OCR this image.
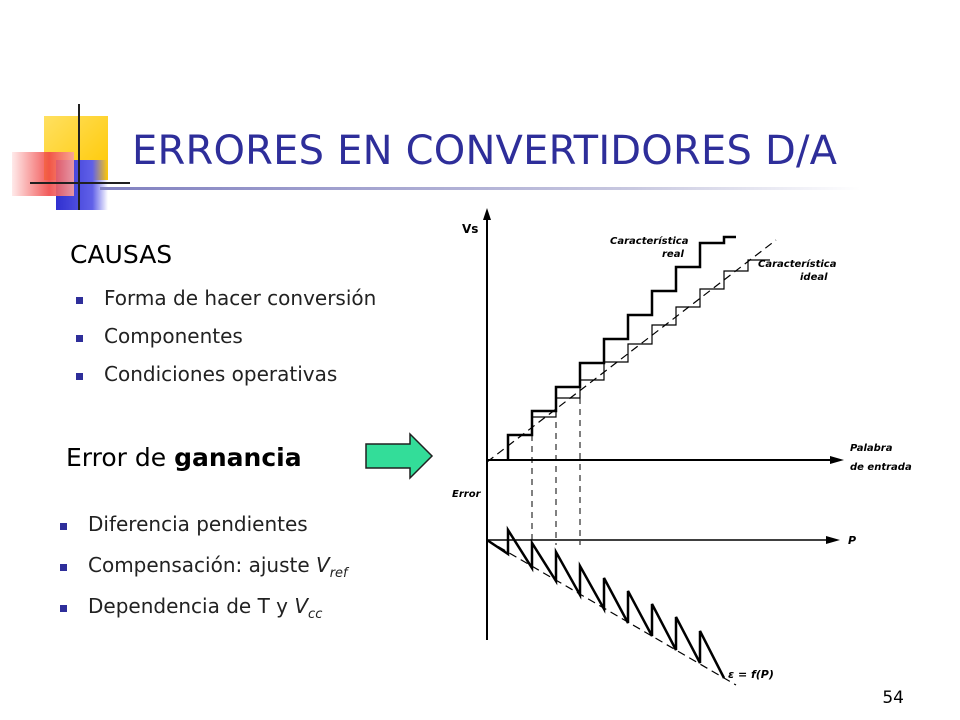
ERRORES EN CONVERTIDORES D/A
CAUSAS
Forma de hacer conversión
Componentes
Condiciones operativas
Error de ganancia
Diferencia pendientes
Compensación: ajuste $V_{ref}$
Dependencia de T y $V_{cc}$
Vs
Palabra
de entrada
Característica
real
Característica
ideal
Error
P
ε = f(P)
54
